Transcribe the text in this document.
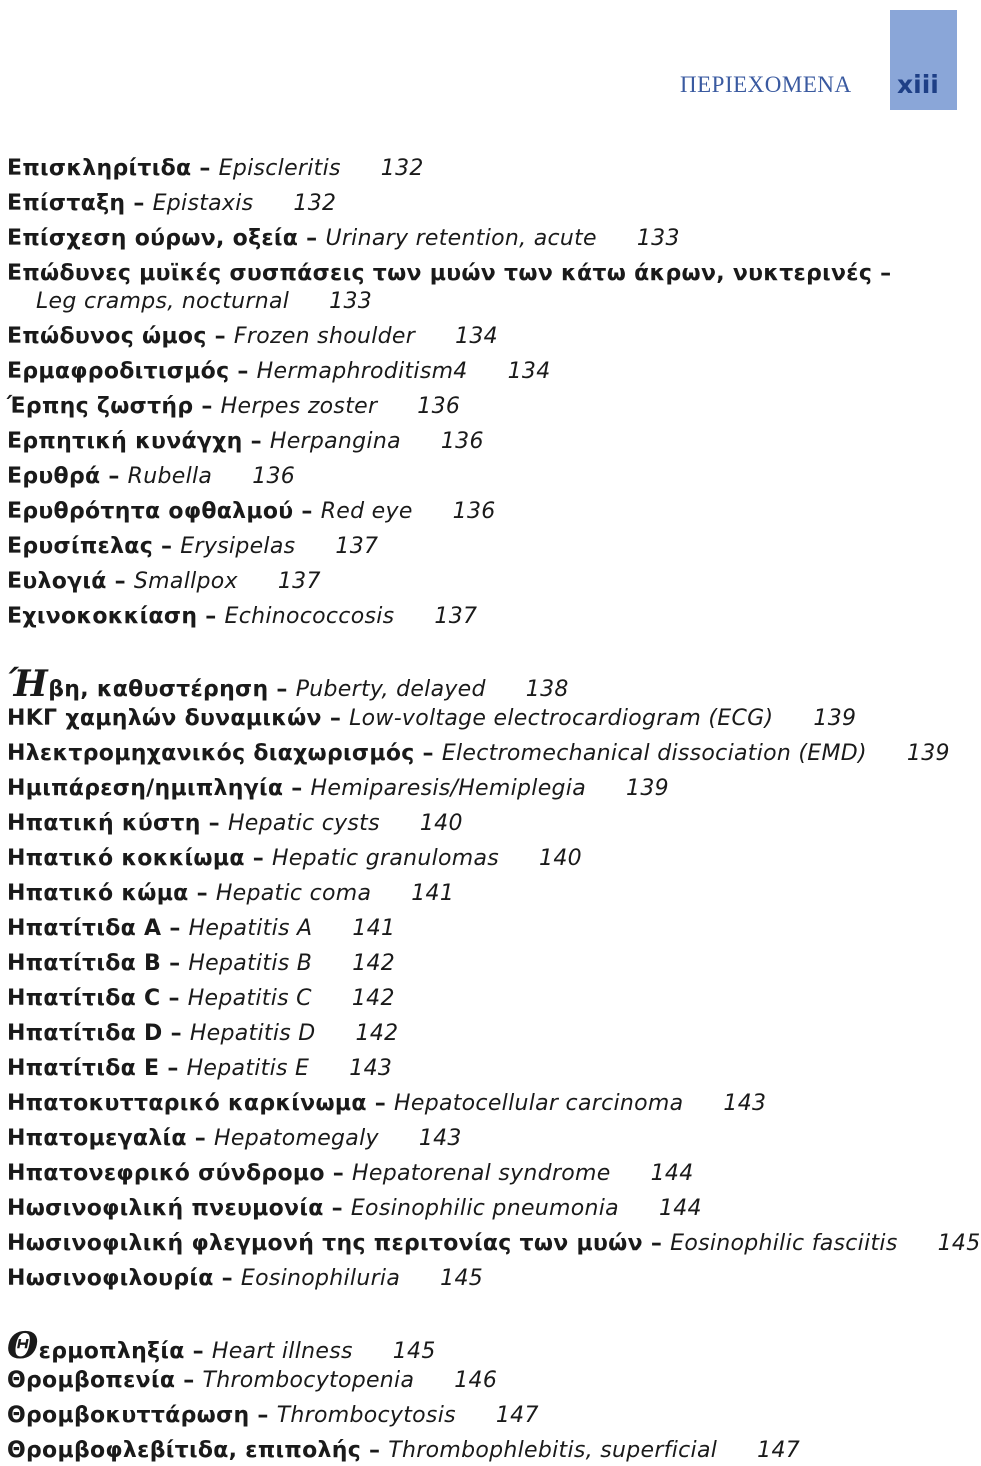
ΠΕΡΙΕΧΟΜΕΝΑ xiii
Επισκληρίτιδα – Episcleritis 132
Επίσταξη – Epistaxis 132
Επίσχεση ούρων, οξεία – Urinary retention, acute 133
Επώδυνες μυϊκές συσπάσεις των μυών των κάτω άκρων, νυκτερινές – Leg cramps, nocturnal 133
Επώδυνος ώμος – Frozen shoulder 134
Ερμαφροδιτισμός – Hermaphroditism4 134
Έρπης ζωστήρ – Herpes zoster 136
Ερπητική κυνάγχη – Herpangina 136
Ερυθρά – Rubella 136
Ερυθρότητα οφθαλμού – Red eye 136
Ερυσίπελας – Erysipelas 137
Ευλογιά – Smallpox 137
Εχινοκοκκίαση – Echinococcosis 137
Ήβη, καθυστέρηση – Puberty, delayed 138
ΗΚΓ χαμηλών δυναμικών – Low-voltage electrocardiogram (ECG) 139
Ηλεκτρομηχανικός διαχωρισμός – Electromechanical dissociation (EMD) 139
Ημιπάρεση/ημιπληγία – Hemiparesis/Hemiplegia 139
Ηπατική κύστη – Hepatic cysts 140
Ηπατικό κοκκίωμα – Hepatic granulomas 140
Ηπατικό κώμα – Hepatic coma 141
Ηπατίτιδα A – Hepatitis A 141
Ηπατίτιδα B – Hepatitis B 142
Ηπατίτιδα C – Hepatitis C 142
Ηπατίτιδα D – Hepatitis D 142
Ηπατίτιδα E – Hepatitis E 143
Ηπατοκυτταρικό καρκίνωμα – Hepatocellular carcinoma 143
Ηπατομεγαλία – Hepatomegaly 143
Ηπατονεφρικό σύνδρομο – Hepatorenal syndrome 144
Ηωσινοφιλική πνευμονία – Eosinophilic pneumonia 144
Ηωσινοφιλική φλεγμονή της περιτονίας των μυών – Eosinophilic fasciitis 145
Ηωσινοφιλουρία – Eosinophiluria 145
Θερμοπληξία – Heart illness 145
Θρομβοπενία – Thrombocytopenia 146
Θρομβοκυττάρωση – Thrombocytosis 147
Θρομβοφλεβίτιδα, επιπολής – Thrombophlebitis, superficial 147
